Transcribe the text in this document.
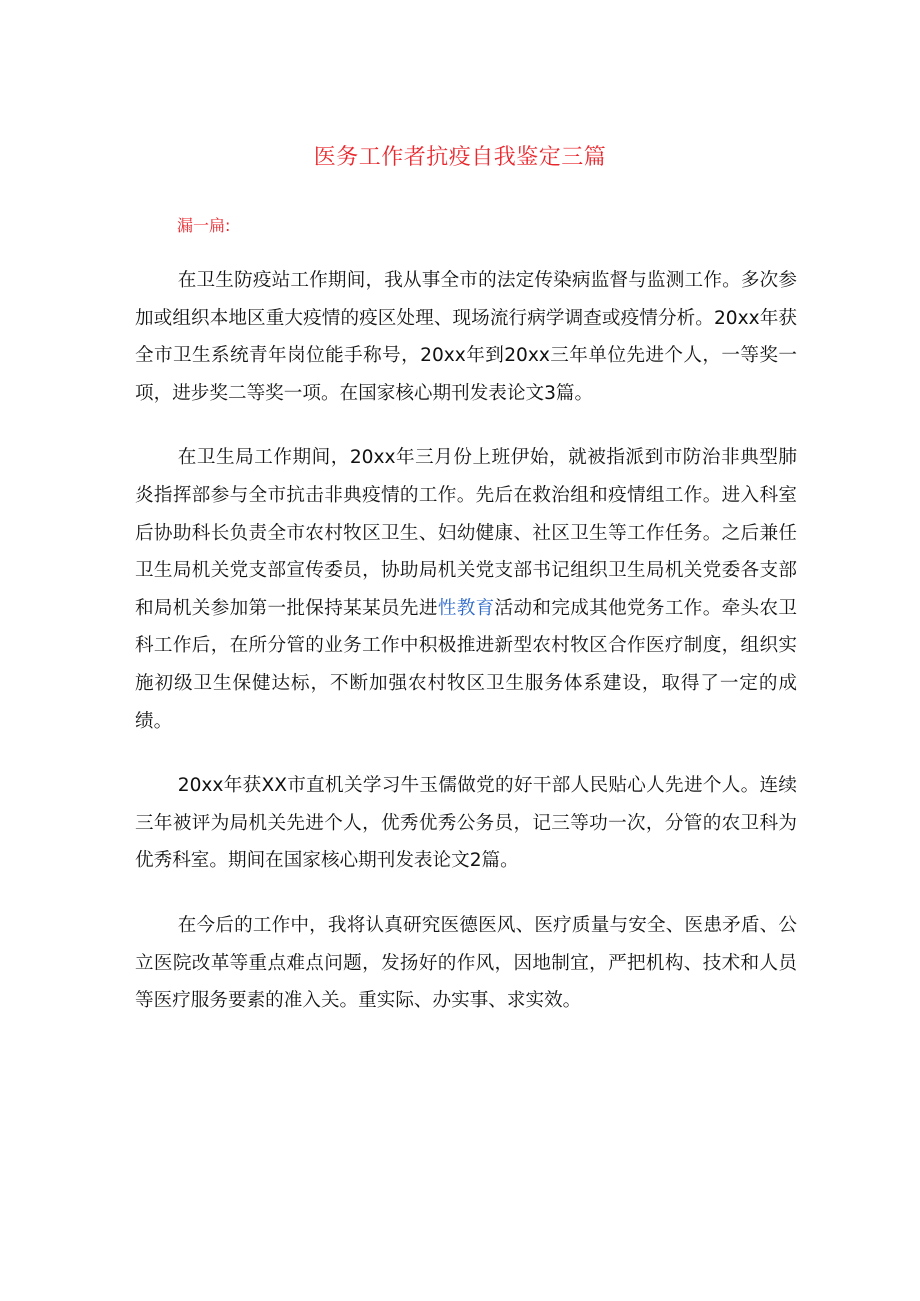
医务工作者抗疫自我鉴定三篇
漏一扁:

在卫生防疫站工作期间，我从事全市的法定传染病监督与监测工作。多次参加或组织本地区重大疫情的疫区处理、现场流行病学调查或疫情分析。20xx年获全市卫生系统青年岗位能手称号，20xx年到20xx三年单位先进个人，一等奖一项，进步奖二等奖一项。在国家核心期刊发表论文3篇。

在卫生局工作期间，20xx年三月份上班伊始，就被指派到市防治非典型肺炎指挥部参与全市抗击非典疫情的工作。先后在救治组和疫情组工作。进入科室后协助科长负责全市农村牧区卫生、妇幼健康、社区卫生等工作任务。之后兼任卫生局机关党支部宣传委员，协助局机关党支部书记组织卫生局机关党委各支部和局机关参加第一批保持某某员先进性教育活动和完成其他党务工作。牵头农卫科工作后，在所分管的业务工作中积极推进新型农村牧区合作医疗制度，组织实施初级卫生保健达标，不断加强农村牧区卫生服务体系建设，取得了一定的成绩。

20xx年获XX市直机关学习牛玉儒做党的好干部人民贴心人先进个人。连续三年被评为局机关先进个人，优秀优秀公务员，记三等功一次，分管的农卫科为优秀科室。期间在国家核心期刊发表论文2篇。

在今后的工作中，我将认真研究医德医风、医疗质量与安全、医患矛盾、公立医院改革等重点难点问题，发扬好的作风，因地制宜，严把机构、技术和人员等医疗服务要素的准入关。重实际、办实事、求实效。
